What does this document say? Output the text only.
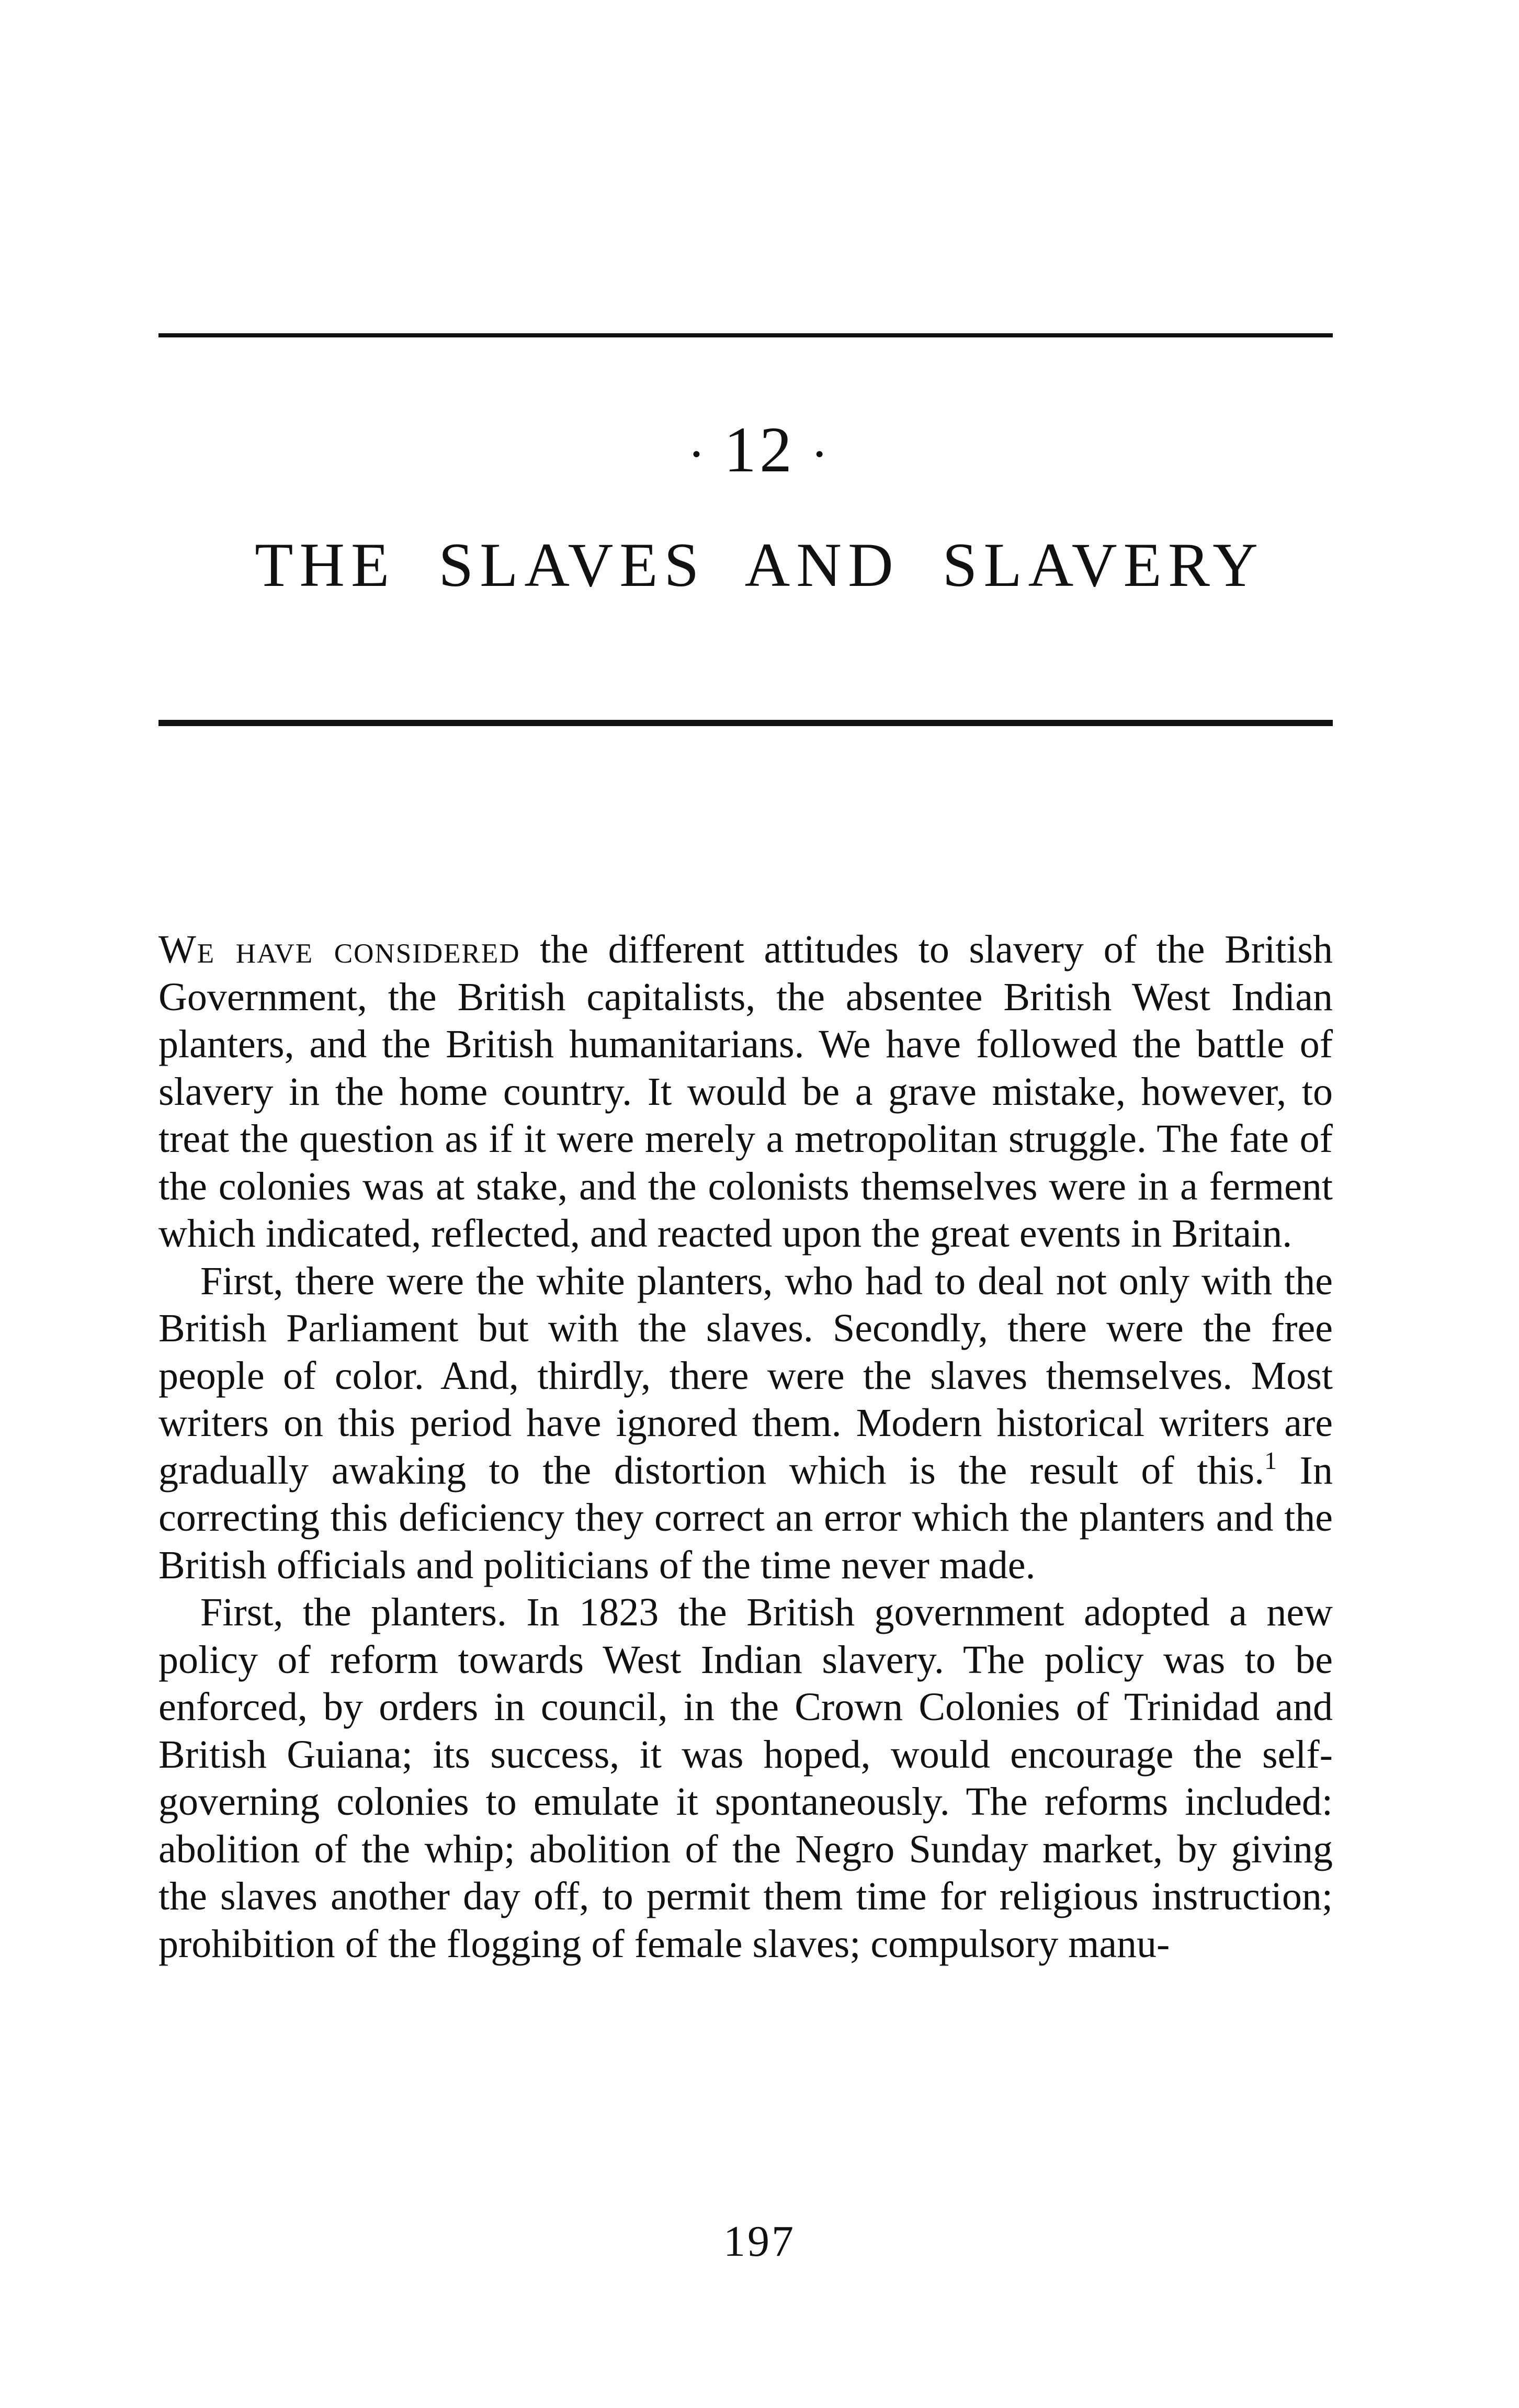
· 12 ·
THE SLAVES AND SLAVERY

We have considered the different attitudes to slavery of the British Government, the British capitalists, the absentee British West Indian planters, and the British humanitarians. We have followed the battle of slavery in the home country. It would be a grave mistake, however, to treat the question as if it were merely a metropolitan struggle. The fate of the colonies was at stake, and the colonists themselves were in a ferment which indicated, reflected, and reacted upon the great events in Britain.

First, there were the white planters, who had to deal not only with the British Parliament but with the slaves. Secondly, there were the free people of color. And, thirdly, there were the slaves themselves. Most writers on this period have ignored them. Modern historical writers are gradually awaking to the distortion which is the result of this.$^1$ In correcting this deficiency they correct an error which the planters and the British officials and politicians of the time never made.

First, the planters. In 1823 the British government adopted a new policy of reform towards West Indian slavery. The policy was to be enforced, by orders in council, in the Crown Colonies of Trinidad and British Guiana; its success, it was hoped, would encourage the self-governing colonies to emulate it spontaneously. The reforms included: abolition of the whip; abolition of the Negro Sunday market, by giving the slaves another day off, to permit them time for religious instruction; prohibition of the flogging of female slaves; compulsory manu-

197
